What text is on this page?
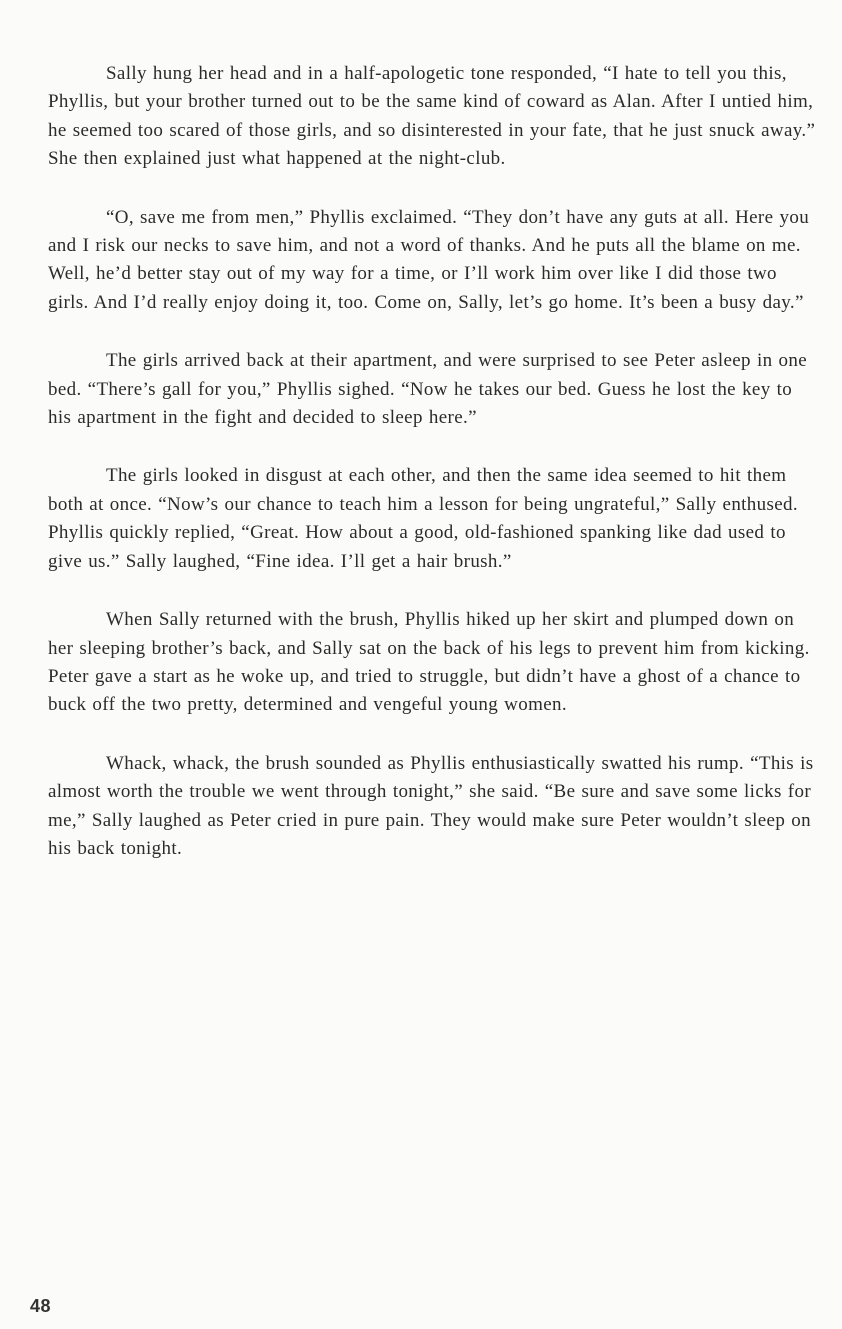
Sally hung her head and in a half-apologetic tone responded, “I hate to tell you this, Phyllis, but your brother turned out to be the same kind of coward as Alan. After I untied him, he seemed too scared of those girls, and so disinterested in your fate, that he just snuck away.” She then explained just what happened at the night-club.

“O, save me from men,” Phyllis exclaimed. “They don’t have any guts at all. Here you and I risk our necks to save him, and not a word of thanks. And he puts all the blame on me. Well, he’d better stay out of my way for a time, or I’ll work him over like I did those two girls. And I’d really enjoy doing it, too. Come on, Sally, let’s go home. It’s been a busy day.”

The girls arrived back at their apartment, and were surprised to see Peter asleep in one bed. “There’s gall for you,” Phyllis sighed. “Now he takes our bed. Guess he lost the key to his apartment in the fight and decided to sleep here.”

The girls looked in disgust at each other, and then the same idea seemed to hit them both at once. “Now’s our chance to teach him a lesson for being ungrateful,” Sally enthused. Phyllis quickly replied, “Great. How about a good, old-fashioned spanking like dad used to give us.” Sally laughed, “Fine idea. I’ll get a hair brush.”

When Sally returned with the brush, Phyllis hiked up her skirt and plumped down on her sleeping brother’s back, and Sally sat on the back of his legs to prevent him from kicking. Peter gave a start as he woke up, and tried to struggle, but didn’t have a ghost of a chance to buck off the two pretty, determined and vengeful young women.

Whack, whack, the brush sounded as Phyllis enthusiastically swatted his rump. “This is almost worth the trouble we went through tonight,” she said. “Be sure and save some licks for me,” Sally laughed as Peter cried in pure pain. They would make sure Peter wouldn’t sleep on his back tonight.

48
